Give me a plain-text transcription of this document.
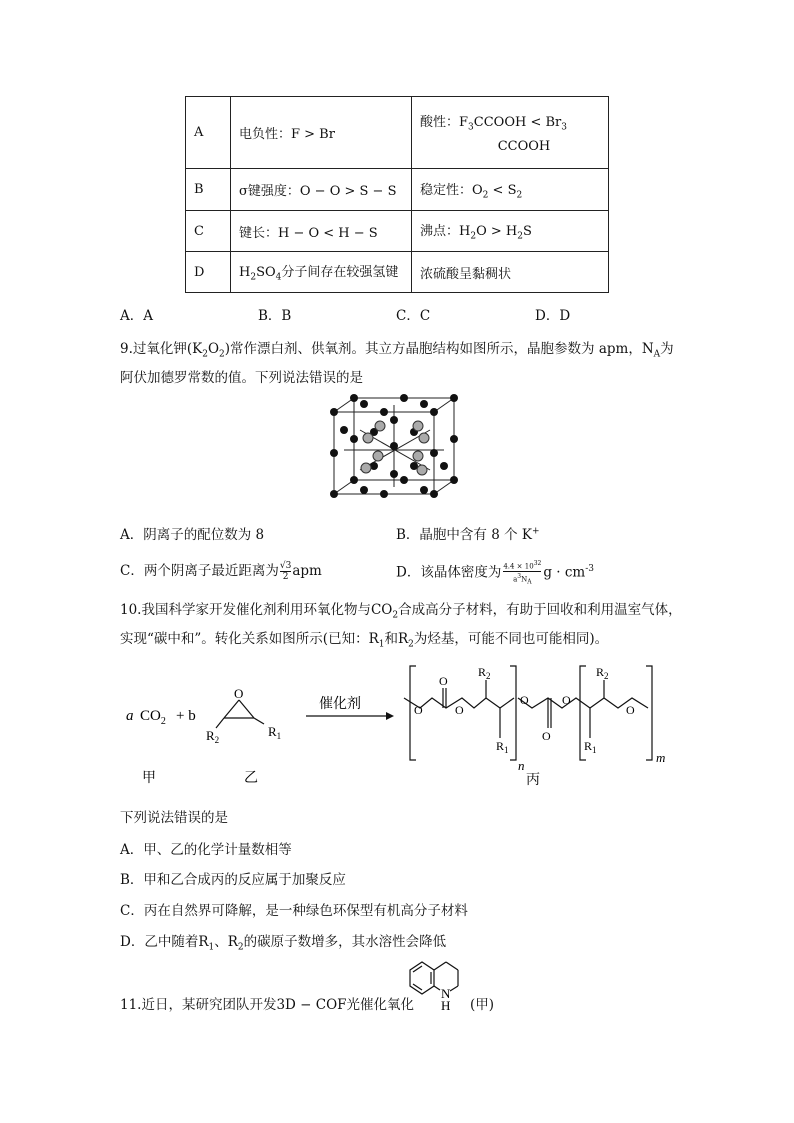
A	电负性：F > Br	酸性：$F_3CCOOH < Br_3$
CCOOH

B	σ键强度：O − O > S − S	稳定性：$O_2 < S_2$
C	键长：H − O < H − S	沸点：$H_2O > H_2S$
D	$H_2SO_4$分子间存在较强氢键	浓硫酸呈黏稠状
A．A	B．B	C．C	D．D
9.过氧化钾$(K_2O_2)$常作漂白剂、供氧剂。其立方晶胞结构如图所示，晶胞参数为 apm，$N_A$为
阿伏加德罗常数的值。下列说法错误的是
A．阴离子的配位数为 8	B．晶胞中含有 8 个 K+
C．两个阴离子最近距离为 $\frac{√3}{2}$ apm	D．该晶体密度为 $\frac{4.4 \times 10^{32}}{a^3N_A}$ $g \cdot cm^{-3}$
10.我国科学家开发催化剂利用环氧化物与$CO_2$合成高分子材料，有助于回收和利用温室气体，
实现“碳中和”。转化关系如图所示(已知：$R_1$和$R_2$为烃基，可能不同也可能相同)。
a $CO_2 + b$
O
$R_2$
$R_1$
催化剂	O
O
O
$R_2$
$R_1$
n
O
O
O
$R_2$
$R_1$
O
m
甲	乙	丙
下列说法错误的是
A．甲、乙的化学计量数相等
B．甲和乙合成丙的反应属于加聚反应
C．丙在自然界可降解，是一种绿色环保型有机高分子材料
D．乙中随着$R_1$、$R_2$的碳原子数增多，其水溶性会降低
11.近日，某研究团队开发3D − COF光催化氧化
N
H (甲)
